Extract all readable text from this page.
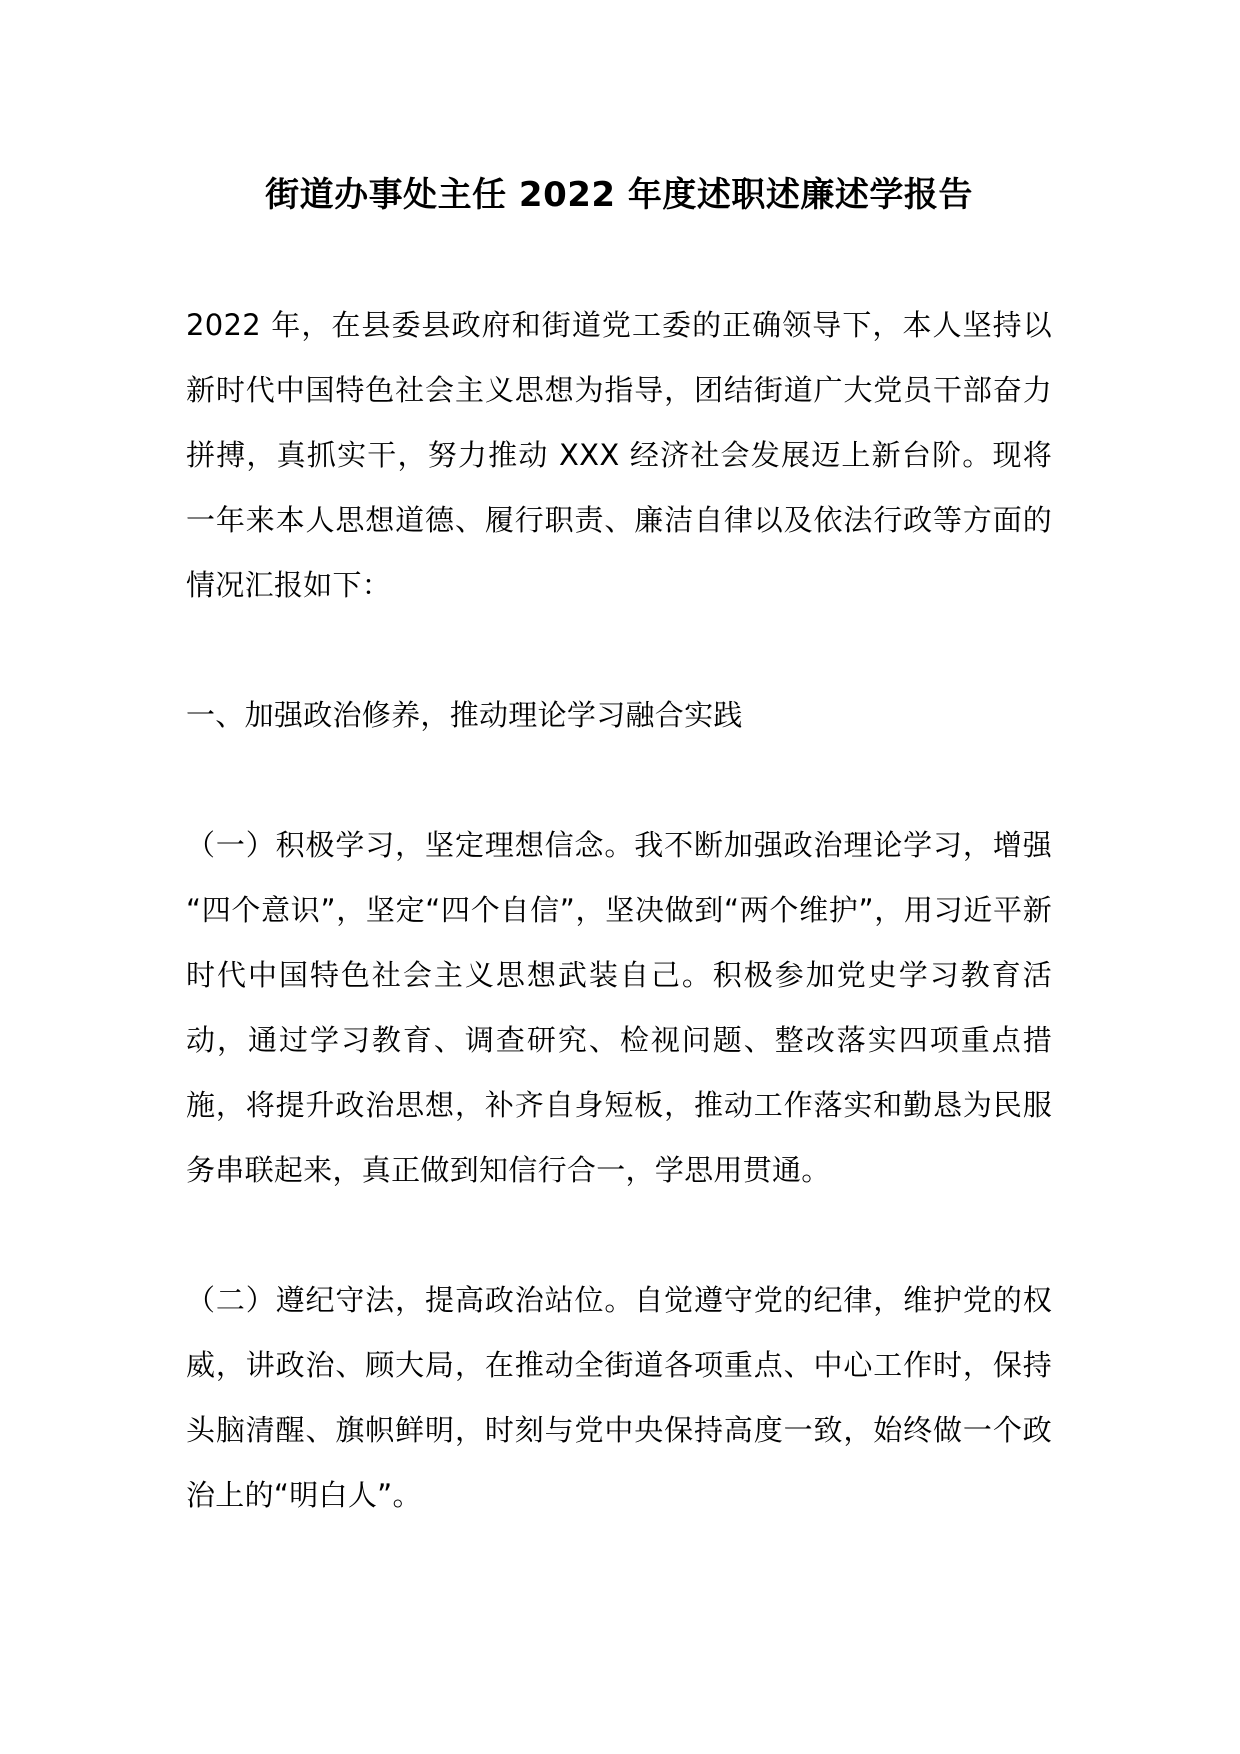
街道办事处主任 2022 年度述职述廉述学报告

2022 年，在县委县政府和街道党工委的正确领导下，本人坚持以新时代中国特色社会主义思想为指导，团结街道广大党员干部奋力拼搏，真抓实干，努力推动 XXX 经济社会发展迈上新台阶。现将一年来本人思想道德、履行职责、廉洁自律以及依法行政等方面的情况汇报如下：

一、加强政治修养，推动理论学习融合实践

（一）积极学习，坚定理想信念。我不断加强政治理论学习，增强“四个意识”，坚定“四个自信”，坚决做到“两个维护”，用习近平新时代中国特色社会主义思想武装自己。积极参加党史学习教育活动，通过学习教育、调查研究、检视问题、整改落实四项重点措施，将提升政治思想，补齐自身短板，推动工作落实和勤恳为民服务串联起来，真正做到知信行合一，学思用贯通。

（二）遵纪守法，提高政治站位。自觉遵守党的纪律，维护党的权威，讲政治、顾大局，在推动全街道各项重点、中心工作时，保持头脑清醒、旗帜鲜明，时刻与党中央保持高度一致，始终做一个政治上的“明白人”。
